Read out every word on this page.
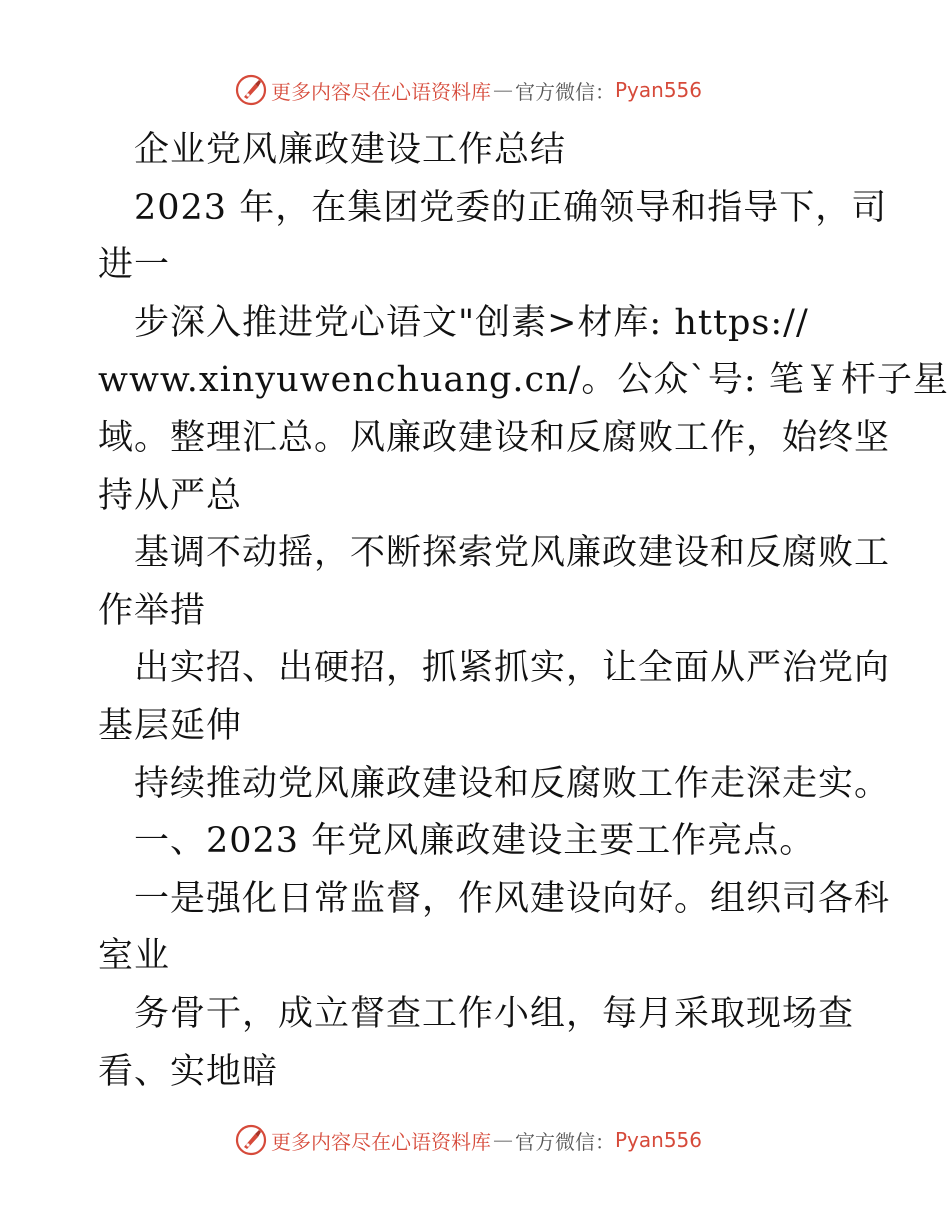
更多内容尽在心语资料库 — 官方微信： Pyan556
企业党风廉政建设工作总结
2023 年，在集团党委的正确领导和指导下，司
进一
步深入推进党心语文"创素>材库: https://
www.xinyuwenchuang.cn/。公众`号: 笔￥杆子星
域。整理汇总。风廉政建设和反腐败工作，始终坚
持从严总
基调不动摇，不断探索党风廉政建设和反腐败工
作举措
出实招、出硬招，抓紧抓实，让全面从严治党向
基层延伸
持续推动党风廉政建设和反腐败工作走深走实。
一、2023 年党风廉政建设主要工作亮点。
一是强化日常监督，作风建设向好。组织司各科
室业
务骨干，成立督查工作小组，每月采取现场查
看、实地暗
更多内容尽在心语资料库 — 官方微信： Pyan556
